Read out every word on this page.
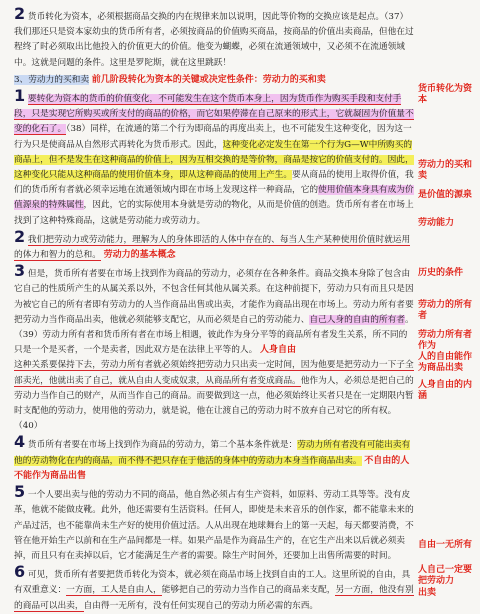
2 货币转化为资本，必须根据商品交换的内在规律来加以说明，因此等价物的交换应该是起点。（37）我们那还只是资本家幼虫的货币所有者，必须按商品的价值购买商品，按商品的价值出卖商品，但他在过程终了时必须取出比他投入的价值更大的价值。他变为蝴蝶，必须在流通领域中，又必须不在流通领域中。这就是问题的条件。这里是罗陀斯，就在这里跳跃！

3、劳动力的买和卖 前几阶段转化为资本的关键或决定性条件：劳动力的买和卖

1 要转化为资本的货币的价值变化，不可能发生在这个货币本身上，因为货币作为购买手段和支付手段，只是实现它所购买或所支付的商品的价格，而它如果停滞在自己原来的形式上，它就凝固为价值量不变的化石了。（38）同样，在流通的第二个行为即商品的再度出卖上，也不可能发生这种变化，因为这一行为只是使商品从自然形式再转化为货币形式。因此，这种变化必定发生在第一个行为G—W中所购买的商品上，但不是发生在这种商品的价值上，因为互相交换的是等价物，商品是按它的价值支付的。因此，这种变化只能从这种商品的使用价值本身，即从这种商品的使用上产生。要从商品的使用上取得价值，我们的货币所有者就必须幸运地在流通领域内即在市场上发现这样一种商品，它的使用价值本身具有成为价值源泉的特殊属性，因此，它的实际使用本身就是劳动的物化，从而是价值的创造。货币所有者在市场上找到了这种特殊商品，这就是劳动能力或劳动力。

2 我们把劳动力或劳动能力，理解为人的身体即活的人体中存在的、每当人生产某种使用价值时就运用的体力和智力的总和。 劳动力的基本概念

3 但是，货币所有者要在市场上找到作为商品的劳动力，必须存在各种条件。商品交换本身除了包含由它自己的性质所产生的从属关系以外，不包含任何其他从属关系。在这种前提下，劳动力只有而且只是因为被它自己的所有者即有劳动力的人当作商品出售或出卖，才能作为商品出现在市场上。劳动力所有者要把劳动力当作商品出卖，他就必须能够支配它，从而必须是自己的劳动能力、自己人身的自由的所有者。（39）劳动力所有者和货币所有者在市场上相遇，彼此作为身分平等的商品所有者发生关系，所不同的只是一个是买者，一个是卖者，因此双方是在法律上平等的人。 人身自由

这种关系要保持下去，劳动力所有者就必须始终把劳动力只出卖一定时间，因为他要是把劳动力一下子全部卖光，他就出卖了自己，就从自由人变成奴隶，从商品所有者变成商品。他作为人，必须总是把自己的劳动力当作自己的财产，从而当作自己的商品。而要做到这一点，他必须始终让买者只是在一定期限内暂时支配他的劳动力，使用他的劳动力，就是说，他在让渡自己的劳动力时不放弃自己对它的所有权。（40）

4 货币所有者要在市场上找到作为商品的劳动力，第二个基本条件就是：劳动力所有者没有可能出卖有他的劳动物化在内的商品，而不得不把只存在于他活的身体中的劳动力本身当作商品出卖。 不自由的人不能作为商品出售

5 一个人要出卖与他的劳动力不同的商品，他自然必须占有生产资料，如原料、劳动工具等等。没有皮革，他就不能做皮靴。此外，他还需要有生活资料。任何人，即使是未来音乐的创作家，都不能靠未来的产品过活，也不能靠尚未生产好的使用价值过活。人从出现在地球舞台上的第一天起，每天都要消费，不管在他开始生产以前和在生产品间都是一样。如果产品是作为商品生产的，在它生产出来以后就必须卖掉，而且只有在卖掉以后，它才能满足生产者的需要。除生产时间外，还要加上出售所需要的时间。

6 可见，货币所有者要把货币转化为资本，就必须在商品市场上找到自由的工人。这里所说的自由，具有双重意义：一方面，工人是自由人，能够把自己的劳动力当作自己的商品来支配，另一方面，他没有别的商品可以出卖，自由得一无所有，没有任何实现自己的劳动力所必需的东西。

货币转化为资本
劳动力的买和卖
是价值的源泉
劳动能力
历史的条件
劳动力的所有者
劳动力所有者作为
人的自由能作为商品出卖
人身自由的内涵
自由一无所有
人自己一定要把劳动力
出卖
